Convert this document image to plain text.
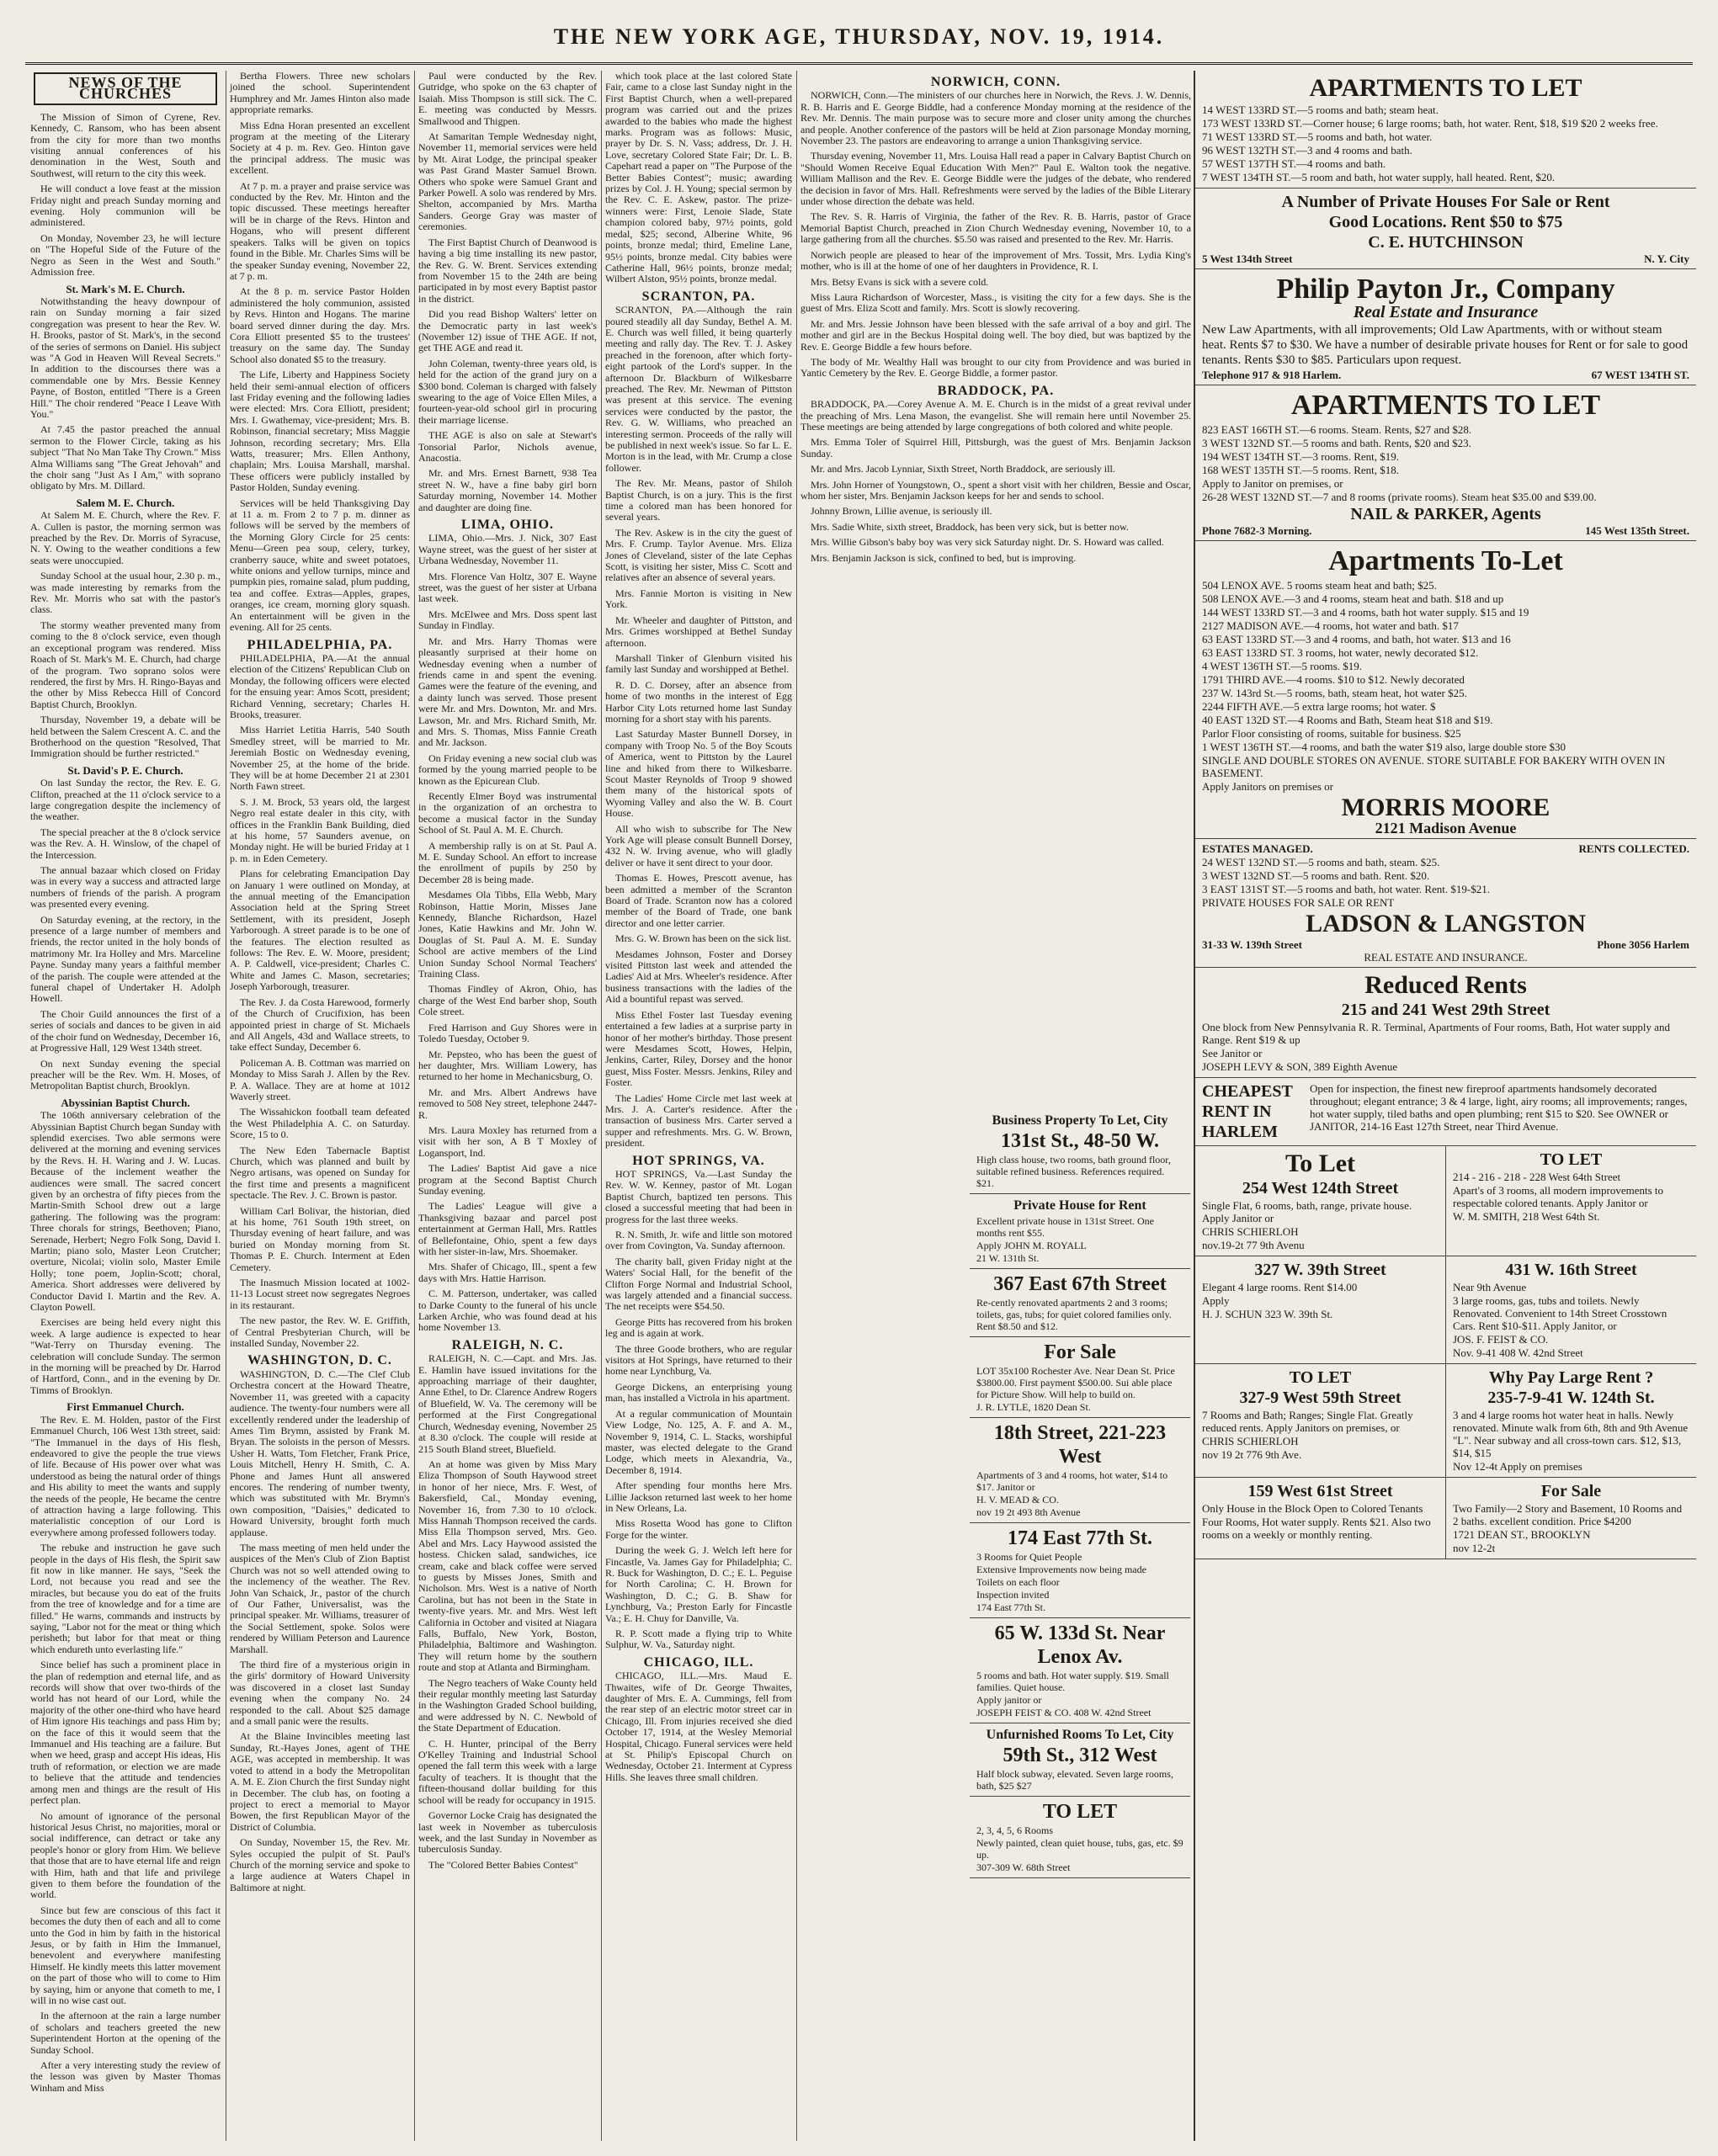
THE NEW YORK AGE, THURSDAY, NOV. 19, 1914.
NEWS OF THE CHURCHES

The Mission of Simon of Cyrene, Rev. Kennedy, C. Ransom, who has been absent from the city for more than two months visiting annual conferences of his denomination in the West, South and Southwest, will return to the city this week.

He will conduct a love feast at the mission Friday night and preach Sunday morning and evening. Holy communion will be administered.

On Monday, November 23, he will lecture on "The Hopeful Side of the Future of the Negro as Seen in the West and South." Admission free.

St. Mark's M. E. Church.

Notwithstanding the heavy downpour of rain on Sunday morning a fair sized congregation was present to hear the Rev. W. H. Brooks, pastor of St. Mark's, in the second of the series of sermons on Daniel. His subject was "A God in Heaven Will Reveal Secrets." In addition to the discourses there was a commendable one by Mrs. Bessie Kenney Payne, of Boston, entitled "There is a Green Hill." The choir rendered "Peace I Leave With You."

At 7.45 the pastor preached the annual sermon to the Flower Circle, taking as his subject "That No Man Take Thy Crown." Miss Alma Williams sang "The Great Jehovah" and the choir sang "Just As I Am," with soprano obligato by Mrs. M. Dillard.

Salem M. E. Church.

At Salem M. E. Church, where the Rev. F. A. Cullen is pastor, the morning sermon was preached by the Rev. Dr. Morris of Syracuse, N. Y. Owing to the weather conditions a few seats were unoccupied.

Sunday School at the usual hour, 2.30 p. m., was made interesting by remarks from the Rev. Mr. Morris who sat with the pastor's class.

The stormy weather prevented many from coming to the 8 o'clock service, even though an exceptional program was rendered. Miss Roach of St. Mark's M. E. Church, had charge of the program. Two soprano solos were rendered, the first by Mrs. H. Ringo-Bayas and the other by Miss Rebecca Hill of Concord Baptist Church, Brooklyn.

Thursday, November 19, a debate will be held between the Salem Crescent A. C. and the Brotherhood on the question "Resolved, That Immigration should be further restricted."

St. David's P. E. Church.

On last Sunday the rector, the Rev. E. G. Clifton, preached at the 11 o'clock service to a large congregation despite the inclemency of the weather.

The special preacher at the 8 o'clock service was the Rev. A. H. Winslow, of the chapel of the Intercession.

The annual bazaar which closed on Friday was in every way a success and attracted large numbers of friends of the parish. A program was presented every evening.

On Saturday evening, at the rectory, in the presence of a large number of members and friends, the rector united in the holy bonds of matrimony Mr. Ira Holley and Mrs. Marceline Payne. Sunday many years a faithful member of the parish. The couple were attended at the funeral chapel of Undertaker H. Adolph Howell.

The Choir Guild announces the first of a series of socials and dances to be given in aid of the choir fund on Wednesday, December 16, at Progressive Hall, 129 West 134th street.

On next Sunday evening the special preacher will be the Rev. Wm. H. Moses, of Metropolitan Baptist church, Brooklyn.

Abyssinian Baptist Church.

The 106th anniversary celebration of the Abyssinian Baptist Church began Sunday with splendid exercises. Two able sermons were delivered at the morning and evening services by the Revs. H. H. Waring and J. W. Lucas. Because of the inclement weather the audiences were small. The sacred concert given by an orchestra of fifty pieces from the Martin-Smith School drew out a large gathering. The following was the program: Three chorals for strings, Beethoven; Piano, Serenade, Herbert; Negro Folk Song, David I. Martin; piano solo, Master Leon Crutcher; overture, Nicolai; violin solo, Master Emile Holly; tone poem, Joplin-Scott; choral, America. Short addresses were delivered by Conductor David I. Martin and the Rev. A. Clayton Powell.

Exercises are being held every night this week. A large audience is expected to hear "Wat-Terry on Thursday evening. The celebration will conclude Sunday. The sermon in the morning will be preached by Dr. Harrod of Hartford, Conn., and in the evening by Dr. Timms of Brooklyn.

First Emmanuel Church.

The Rev. E. M. Holden, pastor of the First Emmanuel Church, 106 West 13th street, said: "The Immanuel in the days of His flesh, endeavored to give the people the true views of life. Because of His power over what was understood as being the natural order of things and His ability to meet the wants and supply the needs of the people, He became the centre of attraction having a large following. This materialistic conception of our Lord is everywhere among professed followers today.

The rebuke and instruction he gave such people in the days of His flesh, the Spirit saw fit now in like manner. He says, "Seek the Lord, not because you read and see the miracles, but because you do eat of the fruits from the tree of knowledge and for a time are filled." He warns, commands and instructs by saying, "Labor not for the meat or thing which perisheth; but labor for that meat or thing which endureth unto everlasting life."

Since belief has such a prominent place in the plan of redemption and eternal life, and as records will show that over two-thirds of the world has not heard of our Lord, while the majority of the other one-third who have heard of Him ignore His teachings and pass Him by; on the face of this it would seem that the Immanuel and His teaching are a failure. But when we heed, grasp and accept His ideas, His truth of reformation, or election we are made to believe that the attitude and tendencies among men and things are the result of His perfect plan.

No amount of ignorance of the personal historical Jesus Christ, no majorities, moral or social indifference, can detract or take any people's honor or glory from Him. We believe that those that are to have eternal life and reign with Him, hath and that life and privilege given to them before the foundation of the world.

Since but few are conscious of this fact it becomes the duty then of each and all to come unto the God in him by faith in the historical Jesus, or by faith in Him the Immanuel, benevolent and everywhere manifesting Himself. He kindly meets this latter movement on the part of those who will to come to Him by saying, him or anyone that cometh to me, I will in no wise cast out.

In the afternoon at the rain a large number of scholars and teachers greeted the new Superintendent Horton at the opening of the Sunday School.

After a very interesting study the review of the lesson was given by Master Thomas Winham and Miss

Bertha Flowers. Three new scholars joined the school. Superintendent Humphrey and Mr. James Hinton also made appropriate remarks.

Miss Edna Horan presented an excellent program at the meeting of the Literary Society at 4 p. m. Rev. Geo. Hinton gave the principal address. The music was excellent.

At 7 p. m. a prayer and praise service was conducted by the Rev. Mr. Hinton and the topic discussed. These meetings hereafter will be in charge of the Revs. Hinton and Hogans, who will present different speakers. Talks will be given on topics found in the Bible. Mr. Charles Sims will be the speaker Sunday evening, November 22, at 7 p. m.

At the 8 p. m. service Pastor Holden administered the holy communion, assisted by Revs. Hinton and Hogans. The marine board served dinner during the day. Mrs. Cora Elliott presented $5 to the trustees' treasury on the same day. The Sunday School also donated $5 to the treasury.

The Life, Liberty and Happiness Society held their semi-annual election of officers last Friday evening and the following ladies were elected: Mrs. Cora Elliott, president; Mrs. I. Gwathemay, vice-president; Mrs. B. Robinson, financial secretary; Miss Maggie Johnson, recording secretary; Mrs. Ella Watts, treasurer; Mrs. Ellen Anthony, chaplain; Mrs. Louisa Marshall, marshal. These officers were publicly installed by Pastor Holden, Sunday evening.

Services will be held Thanksgiving Day at 11 a. m. From 2 to 7 p. m. dinner as follows will be served by the members of the Morning Glory Circle for 25 cents: Menu—Green pea soup, celery, turkey, cranberry sauce, white and sweet potatoes, white onions and yellow turnips, mince and pumpkin pies, romaine salad, plum pudding, tea and coffee. Extras—Apples, grapes, oranges, ice cream, morning glory squash. An entertainment will be given in the evening. All for 25 cents.

PHILADELPHIA, PA.

PHILADELPHIA, PA.—At the annual election of the Citizens' Republican Club on Monday, the following officers were elected for the ensuing year: Amos Scott, president; Richard Venning, secretary; Charles H. Brooks, treasurer.

Miss Harriet Letitia Harris, 540 South Smedley street, will be married to Mr. Jeremiah Bostic on Wednesday evening, November 25, at the home of the bride. They will be at home December 21 at 2301 North Fawn street.

S. J. M. Brock, 53 years old, the largest Negro real estate dealer in this city, with offices in the Franklin Bank Building, died at his home, 57 Saunders avenue, on Monday night. He will be buried Friday at 1 p. m. in Eden Cemetery.

Plans for celebrating Emancipation Day on January 1 were outlined on Monday, at the annual meeting of the Emancipation Association held at the Spring Street Settlement, with its president, Joseph Yarborough. A street parade is to be one of the features. The election resulted as follows: The Rev. E. W. Moore, president; A. P. Caldwell, vice-president; Charles C. White and James C. Mason, secretaries; Joseph Yarborough, treasurer.

The Rev. J. da Costa Harewood, formerly of the Church of Crucifixion, has been appointed priest in charge of St. Michaels and All Angels, 43d and Wallace streets, to take effect Sunday, December 6.

Policeman A. B. Cottman was married on Monday to Miss Sarah J. Allen by the Rev. P. A. Wallace. They are at home at 1012 Waverly street.

The Wissahickon football team defeated the West Philadelphia A. C. on Saturday. Score, 15 to 0.

The New Eden Tabernacle Baptist Church, which was planned and built by Negro artisans, was opened on Sunday for the first time and presents a magnificent spectacle. The Rev. J. C. Brown is pastor.

William Carl Bolivar, the historian, died at his home, 761 South 19th street, on Thursday evening of heart failure, and was buried on Monday morning from St. Thomas P. E. Church. Interment at Eden Cemetery.

The Inasmuch Mission located at 1002-11-13 Locust street now segregates Negroes in its restaurant.

The new pastor, the Rev. W. E. Griffith, of Central Presbyterian Church, will be installed Sunday, November 22.

WASHINGTON, D. C.

WASHINGTON, D. C.—The Clef Club Orchestra concert at the Howard Theatre, November 11, was greeted with a capacity audience. The twenty-four numbers were all excellently rendered under the leadership of Ames Tim Brymn, assisted by Frank M. Bryan. The soloists in the person of Messrs. Usher H. Watts, Tom Fletcher, Frank Price, Louis Mitchell, Henry H. Smith, C. A. Phone and James Hunt all answered encores. The rendering of number twenty, which was substituted with Mr. Brymn's own composition, "Daisies," dedicated to Howard University, brought forth much applause.

The mass meeting of men held under the auspices of the Men's Club of Zion Baptist Church was not so well attended owing to the inclemency of the weather. The Rev. John Van Schaick, Jr., pastor of the church of Our Father, Universalist, was the principal speaker. Mr. Williams, treasurer of the Social Settlement, spoke. Solos were rendered by William Peterson and Laurence Marshall.

The third fire of a mysterious origin in the girls' dormitory of Howard University was discovered in a closet last Sunday evening when the company No. 24 responded to the call. About $25 damage and a small panic were the results.

At the Blaine Invincibles meeting last Sunday, Rt.-Hayes Jones, agent of THE AGE, was accepted in membership. It was voted to attend in a body the Metropolitan A. M. E. Zion Church the first Sunday night in December. The club has, on footing a project to erect a memorial to Mayor Bowen, the first Republican Mayor of the District of Columbia.

On Sunday, November 15, the Rev. Mr. Syles occupied the pulpit of St. Paul's Church of the morning service and spoke to a large audience at Waters Chapel in Baltimore at night.

Paul were conducted by the Rev. Gutridge, who spoke on the 63 chapter of Isaiah. Miss Thompson is still sick. The C. E. meeting was conducted by Messrs. Smallwood and Thigpen.

At Samaritan Temple Wednesday night, November 11, memorial services were held by Mt. Airat Lodge, the principal speaker was Past Grand Master Samuel Brown. Others who spoke were Samuel Grant and Parker Powell. A solo was rendered by Mrs. Shelton, accompanied by Mrs. Martha Sanders. George Gray was master of ceremonies.

The First Baptist Church of Deanwood is having a big time installing its new pastor, the Rev. G. W. Brent. Services extending from November 15 to the 24th are being participated in by most every Baptist pastor in the district.

Did you read Bishop Walters' letter on the Democratic party in last week's (November 12) issue of THE AGE. If not, get THE AGE and read it.

John Coleman, twenty-three years old, is held for the action of the grand jury on a $300 bond. Coleman is charged with falsely swearing to the age of Voice Ellen Miles, a fourteen-year-old school girl in procuring their marriage license.

THE AGE is also on sale at Stewart's Tonsorial Parlor, Nichols avenue, Anacostia.

Mr. and Mrs. Ernest Barnett, 938 Tea street N. W., have a fine baby girl born Saturday morning, November 14. Mother and daughter are doing fine.

LIMA, OHIO.

LIMA, Ohio.—Mrs. J. Nick, 307 East Wayne street, was the guest of her sister at Urbana Wednesday, November 11.

Mrs. Florence Van Holtz, 307 E. Wayne street, was the guest of her sister at Urbana last week.

Mrs. McElwee and Mrs. Doss spent last Sunday in Findlay.

Mr. and Mrs. Harry Thomas were pleasantly surprised at their home on Wednesday evening when a number of friends came in and spent the evening. Games were the feature of the evening, and a dainty lunch was served. Those present were Mr. and Mrs. Downton, Mr. and Mrs. Lawson, Mr. and Mrs. Richard Smith, Mr. and Mrs. S. Thomas, Miss Fannie Creath and Mr. Jackson.

On Friday evening a new social club was formed by the young married people to be known as the Epicurean Club.

Recently Elmer Boyd was instrumental in the organization of an orchestra to become a musical factor in the Sunday School of St. Paul A. M. E. Church.

A membership rally is on at St. Paul A. M. E. Sunday School. An effort to increase the enrollment of pupils by 250 by December 28 is being made.

Mesdames Ola Tibbs, Ella Webb, Mary Robinson, Hattie Morin, Misses Jane Kennedy, Blanche Richardson, Hazel Jones, Katie Hawkins and Mr. John W. Douglas of St. Paul A. M. E. Sunday School are active members of the Lind Union Sunday School Normal Teachers' Training Class.

Thomas Findley of Akron, Ohio, has charge of the West End barber shop, South Cole street.

Fred Harrison and Guy Shores were in Toledo Tuesday, October 9.

Mr. Pepsteo, who has been the guest of her daughter, Mrs. William Lowery, has returned to her home in Mechanicsburg, O.

Mr. and Mrs. Albert Andrews have removed to 508 Ney street, telephone 2447-R.

Mrs. Laura Moxley has returned from a visit with her son, A B T Moxley of Logansport, Ind.

The Ladies' Baptist Aid gave a nice program at the Second Baptist Church Sunday evening.

The Ladies' League will give a Thanksgiving bazaar and parcel post entertainment at German Hall, Mrs. Rattles of Bellefontaine, Ohio, spent a few days with her sister-in-law, Mrs. Shoemaker.

Mrs. Shafer of Chicago, Ill., spent a few days with Mrs. Hattie Harrison.

C. M. Patterson, undertaker, was called to Darke County to the funeral of his uncle Larken Archie, who was found dead at his home November 13.

RALEIGH, N. C.

RALEIGH, N. C.—Capt. and Mrs. Jas. E. Hamlin have issued invitations for the approaching marriage of their daughter, Anne Ethel, to Dr. Clarence Andrew Rogers of Bluefield, W. Va. The ceremony will be performed at the First Congregational Church, Wednesday evening, November 25 at 8.30 o'clock. The couple will reside at 215 South Bland street, Bluefield.

An at home was given by Miss Mary Eliza Thompson of South Haywood street in honor of her niece, Mrs. F. West, of Bakersfield, Cal., Monday evening, November 16, from 7.30 to 10 o'clock. Miss Hannah Thompson received the cards. Miss Ella Thompson served, Mrs. Geo. Abel and Mrs. Lacy Haywood assisted the hostess. Chicken salad, sandwiches, ice cream, cake and black coffee were served to guests by Misses Jones, Smith and Nicholson. Mrs. West is a native of North Carolina, but has not been in the State in twenty-five years. Mr. and Mrs. West left California in October and visited at Niagara Falls, Buffalo, New York, Boston, Philadelphia, Baltimore and Washington. They will return home by the southern route and stop at Atlanta and Birmingham.

The Negro teachers of Wake County held their regular monthly meeting last Saturday in the Washington Graded School building, and were addressed by N. C. Newbold of the State Department of Education.

C. H. Hunter, principal of the Berry O'Kelley Training and Industrial School opened the fall term this week with a large faculty of teachers. It is thought that the fifteen-thousand dollar building for this school will be ready for occupancy in 1915.

Governor Locke Craig has designated the last week in November as tuberculosis week, and the last Sunday in November as tuberculosis Sunday.

The "Colored Better Babies Contest"

which took place at the last colored State Fair, came to a close last Sunday night in the First Baptist Church, when a well-prepared program was carried out and the prizes awarded to the babies who made the highest marks. Program was as follows: Music, prayer by Dr. S. N. Vass; address, Dr. J. H. Love, secretary Colored State Fair; Dr. L. B. Capehart read a paper on "The Purpose of the Better Babies Contest"; music; awarding prizes by Col. J. H. Young; special sermon by the Rev. C. E. Askew, pastor. The prize-winners were: First, Lenoie Slade, State champion colored baby, 97½ points, gold medal, $25; second, Alberine White, 96 points, bronze medal; third, Emeline Lane, 95½ points, bronze medal. City babies were Catherine Hall, 96½ points, bronze medal; Wilbert Alston, 95½ points, bronze medal.

SCRANTON, PA.

SCRANTON, PA.—Although the rain poured steadily all day Sunday, Bethel A. M. E. Church was well filled, it being quarterly meeting and rally day. The Rev. T. J. Askey preached in the forenoon, after which forty-eight partook of the Lord's supper. In the afternoon Dr. Blackburn of Wilkesbarre preached. The Rev. Mr. Newman of Pittston was present at this service. The evening services were conducted by the pastor, the Rev. G. W. Williams, who preached an interesting sermon. Proceeds of the rally will be published in next week's issue. So far L. E. Morton is in the lead, with Mr. Crump a close follower.

The Rev. Mr. Means, pastor of Shiloh Baptist Church, is on a jury. This is the first time a colored man has been honored for several years.

The Rev. Askew is in the city the guest of Mrs. F. Crump. Taylor Avenue. Mrs. Eliza Jones of Cleveland, sister of the late Cephas Scott, is visiting her sister, Miss C. Scott and relatives after an absence of several years.

Mrs. Fannie Morton is visiting in New York.

Mr. Wheeler and daughter of Pittston, and Mrs. Grimes worshipped at Bethel Sunday afternoon.

Marshall Tinker of Glenburn visited his family last Sunday and worshipped at Bethel.

R. D. C. Dorsey, after an absence from home of two months in the interest of Egg Harbor City Lots returned home last Sunday morning for a short stay with his parents.

Last Saturday Master Bunnell Dorsey, in company with Troop No. 5 of the Boy Scouts of America, went to Pittston by the Laurel line and hiked from there to Wilkesbarre. Scout Master Reynolds of Troop 9 showed them many of the historical spots of Wyoming Valley and also the W. B. Court House.

All who wish to subscribe for The New York Age will please consult Bunnell Dorsey, 432 N. W. Irving avenue, who will gladly deliver or have it sent direct to your door.

Thomas E. Howes, Prescott avenue, has been admitted a member of the Scranton Board of Trade. Scranton now has a colored member of the Board of Trade, one bank director and one letter carrier.

Mrs. G. W. Brown has been on the sick list.

Mesdames Johnson, Foster and Dorsey visited Pittston last week and attended the Ladies' Aid at Mrs. Wheeler's residence. After business transactions with the ladies of the Aid a bountiful repast was served.

Miss Ethel Foster last Tuesday evening entertained a few ladies at a surprise party in honor of her mother's birthday. Those present were Mesdames Scott, Howes, Helpin, Jenkins, Carter, Riley, Dorsey and the honor guest, Miss Foster. Messrs. Jenkins, Riley and Foster.

The Ladies' Home Circle met last week at Mrs. J. A. Carter's residence. After the transaction of business Mrs. Carter served a supper and refreshments. Mrs. G. W. Brown, president.

HOT SPRINGS, VA.

HOT SPRINGS, Va.—Last Sunday the Rev. W. W. Kenney, pastor of Mt. Logan Baptist Church, baptized ten persons. This closed a successful meeting that had been in progress for the last three weeks.

R. N. Smith, Jr. wife and little son motored over from Covington, Va. Sunday afternoon.

The charity ball, given Friday night at the Waters' Social Hall, for the benefit of the Clifton Forge Normal and Industrial School, was largely attended and a financial success. The net receipts were $54.50.

George Pitts has recovered from his broken leg and is again at work.

The three Goode brothers, who are regular visitors at Hot Springs, have returned to their home near Lynchburg, Va.

George Dickens, an enterprising young man, has installed a Victrola in his apartment.

At a regular communication of Mountain View Lodge, No. 125, A. F. and A. M., November 9, 1914, C. L. Stacks, worshipful master, was elected delegate to the Grand Lodge, which meets in Alexandria, Va., December 8, 1914.

After spending four months here Mrs. Lillie Jackson returned last week to her home in New Orleans, La.

Miss Rosetta Wood has gone to Clifton Forge for the winter.

During the week G. J. Welch left here for Fincastle, Va. James Gay for Philadelphia; C. R. Buck for Washington, D. C.; E. L. Peguise for North Carolina; C. H. Brown for Washington, D. C.; G. B. Shaw for Lynchburg, Va.; Preston Early for Fincastle Va.; E. H. Chuy for Danville, Va.

R. P. Scott made a flying trip to White Sulphur, W. Va., Saturday night.

CHICAGO, ILL.

CHICAGO, ILL.—Mrs. Maud E. Thwaites, wife of Dr. George Thwaites, daughter of Mrs. E. A. Cummings, fell from the rear step of an electric motor street car in Chicago, Ill. From injuries received she died October 17, 1914, at the Wesley Memorial Hospital, Chicago. Funeral services were held at St. Philip's Episcopal Church on Wednesday, October 21. Interment at Cypress Hills. She leaves three small children.

NORWICH, CONN.

NORWICH, Conn.—The ministers of our churches here in Norwich, the Revs. J. W. Dennis, R. B. Harris and E. George Biddle, had a conference Monday morning at the residence of the Rev. Mr. Dennis. The main purpose was to secure more and closer unity among the churches and people. Another conference of the pastors will be held at Zion parsonage Monday morning, November 23. The pastors are endeavoring to arrange a union Thanksgiving service.

Thursday evening, November 11, Mrs. Louisa Hall read a paper in Calvary Baptist Church on "Should Women Receive Equal Education With Men?" Paul E. Walton took the negative. William Mallison and the Rev. E. George Biddle were the judges of the debate, who rendered the decision in favor of Mrs. Hall. Refreshments were served by the ladies of the Bible Literary under whose direction the debate was held.

The Rev. S. R. Harris of Virginia, the father of the Rev. R. B. Harris, pastor of Grace Memorial Baptist Church, preached in Zion Church Wednesday evening, November 10, to a large gathering from all the churches. $5.50 was raised and presented to the Rev. Mr. Harris.

Norwich people are pleased to hear of the improvement of Mrs. Tossit, Mrs. Lydia King's mother, who is ill at the home of one of her daughters in Providence, R. I.

Mrs. Betsy Evans is sick with a severe cold.

Miss Laura Richardson of Worcester, Mass., is visiting the city for a few days. She is the guest of Mrs. Eliza Scott and family. Mrs. Scott is slowly recovering.

Mr. and Mrs. Jessie Johnson have been blessed with the safe arrival of a boy and girl. The mother and girl are in the Beckus Hospital doing well. The boy died, but was baptized by the Rev. E. George Biddle a few hours before.

The body of Mr. Wealthy Hall was brought to our city from Providence and was buried in Yantic Cemetery by the Rev. E. George Biddle, a former pastor.

BRADDOCK, PA.

BRADDOCK, PA.—Corey Avenue A. M. E. Church is in the midst of a great revival under the preaching of Mrs. Lena Mason, the evangelist. She will remain here until November 25. These meetings are being attended by large congregations of both colored and white people.

Mrs. Emma Toler of Squirrel Hill, Pittsburgh, was the guest of Mrs. Benjamin Jackson Sunday.

Mr. and Mrs. Jacob Lynniar, Sixth Street, North Braddock, are seriously ill.

Mrs. John Horner of Youngstown, O., spent a short visit with her children, Bessie and Oscar, whom her sister, Mrs. Benjamin Jackson keeps for her and sends to school.

Johnny Brown, Lillie avenue, is seriously ill.

Mrs. Sadie White, sixth street, Braddock, has been very sick, but is better now.

Mrs. Willie Gibson's baby boy was very sick Saturday night. Dr. S. Howard was called.

Mrs. Benjamin Jackson is sick, confined to bed, but is improving.

Business Property To Let, City
131st St., 48-50 W.
High class house, two rooms, bath ground floor, suitable refined business. References required. $21.
Private House for Rent
Excellent private house in 131st Street. One months rent $55.
Apply JOHN M. ROYALL
21 W. 131th St.
367 East 67th Street
Re-cently renovated apartments 2 and 3 rooms; toilets, gas, tubs; for quiet colored families only. Rent $8.50 and $12.
For Sale
LOT 35x100 Rochester Ave. Near Dean St. Price $3800.00. First payment $500.00. Sui able place for Picture Show. Will help to build on.
J. R. LYTLE, 1820 Dean St.
18th Street, 221-223 West
Apartments of 3 and 4 rooms, hot water, $14 to $17. Janitor or
H. V. MEAD & CO.
nov 19 2t 493 8th Avenue
174 East 77th St.
3 Rooms for Quiet People
Extensive Improvements now being made
Toilets on each floor
Inspection invited
174 East 77th St.
65 W. 133d St. Near Lenox Av.
5 rooms and bath. Hot water supply. $19. Small families. Quiet house.
Apply janitor or
JOSEPH FEIST & CO. 408 W. 42nd Street
Unfurnished Rooms To Let, City
59th St., 312 West
Half block subway, elevated. Seven large rooms, bath, $25 $27
TO LET
2, 3, 4, 5, 6 Rooms
Newly painted, clean quiet house, tubs, gas, etc. $9 up.
307-309 W. 68th Street
APARTMENTS TO LET
14 WEST 133RD ST.—5 rooms and bath; steam heat.
173 WEST 133RD ST.—Corner house; 6 large rooms; bath, hot water. Rent, $18, $19 $20 2 weeks free.
71 WEST 133RD ST.—5 rooms and bath, hot water.
96 WEST 132TH ST.—3 and 4 rooms and bath.
57 WEST 137TH ST.—4 rooms and bath.
7 WEST 134TH ST.—5 room and bath, hot water supply, hall heated. Rent, $20.
A Number of Private Houses For Sale or Rent
Good Locations. Rent $50 to $75
C. E. HUTCHINSON
5 West 134th Street	N. Y. City
Philip Payton Jr., Company
Real Estate and Insurance
New Law Apartments, with all improvements; Old Law Apartments, with or without steam heat. Rents $7 to $30. We have a number of desirable private houses for Rent or for sale to good tenants. Rents $30 to $85. Particulars upon request.
Telephone 917 & 918 Harlem.	67 WEST 134TH ST.
APARTMENTS TO LET
823 EAST 166TH ST.—6 rooms. Steam. Rents, $27 and $28.
3 WEST 132ND ST.—5 rooms and bath. Rents, $20 and $23.
194 WEST 134TH ST.—3 rooms. Rent, $19.
168 WEST 135TH ST.—5 rooms. Rent, $18.
Apply to Janitor on premises, or
26-28 WEST 132ND ST.—7 and 8 rooms (private rooms). Steam heat $35.00 and $39.00.
NAIL & PARKER, Agents
Phone 7682-3 Morning.	145 West 135th Street.
Apartments To-Let
504 LENOX AVE. 5 rooms steam heat and bath; $25.
508 LENOX AVE.—3 and 4 rooms, steam heat and bath. $18 and up
144 WEST 133RD ST.—3 and 4 rooms, bath hot water supply. $15 and 19
2127 MADISON AVE.—4 rooms, hot water and bath. $17
63 EAST 133RD ST.—3 and 4 rooms, and bath, hot water. $13 and 16
63 EAST 133RD ST. 3 rooms, hot water, newly decorated $12.
4 WEST 136TH ST.—5 rooms. $19.
1791 THIRD AVE.—4 rooms. $10 to $12. Newly decorated
237 W. 143rd St.—5 rooms, bath, steam heat, hot water $25.
2244 FIFTH AVE.—5 extra large rooms; hot water. $
40 EAST 132D ST.—4 Rooms and Bath, Steam heat $18 and $19.
Parlor Floor consisting of rooms, suitable for business. $25
1 WEST 136TH ST.—4 rooms, and bath the water $19 also, large double store $30
SINGLE AND DOUBLE STORES ON AVENUE. STORE SUITABLE FOR BAKERY WITH OVEN IN BASEMENT.
Apply Janitors on premises or
MORRIS MOORE
2121 Madison Avenue
ESTATES MANAGED.	RENTS COLLECTED.
24 WEST 132ND ST.—5 rooms and bath, steam. $25.
3 WEST 132ND ST.—5 rooms and bath. Rent. $20.
3 EAST 131ST ST.—5 rooms and bath, hot water. Rent. $19-$21.
PRIVATE HOUSES FOR SALE OR RENT
LADSON & LANGSTON
31-33 W. 139th Street	Phone 3056 Harlem
REAL ESTATE AND INSURANCE.
Reduced Rents
215 and 241 West 29th Street
One block from New Pennsylvania R. R. Terminal, Apartments of Four rooms, Bath, Hot water supply and Range. Rent $19 & up
See Janitor or
JOSEPH LEVY & SON, 389 Eighth Avenue
CHEAPEST RENT IN HARLEM
Open for inspection, the finest new fireproof apartments handsomely decorated throughout; elegant entrance; 3 & 4 large, light, airy rooms; all improvements; ranges, hot water supply, tiled baths and open plumbing; rent $15 to $20. See OWNER or JANITOR, 214-16 East 127th Street, near Third Avenue.
To Let
254 West 124th Street
Single Flat, 6 rooms, bath, range, private house. Apply Janitor or
CHRIS SCHIERLOH
nov.19-2t 77 9th Avenu
TO LET
214 - 216 - 218 - 228 West 64th Street
Apart's of 3 rooms, all modern improvements to respectable colored tenants. Apply Janitor or
W. M. SMITH, 218 West 64th St.
327 W. 39th Street
Elegant 4 large rooms. Rent $14.00
Apply
H. J. SCHUN 323 W. 39th St.
431 W. 16th Street
Near 9th Avenue
3 large rooms, gas, tubs and toilets. Newly Renovated. Convenient to 14th Street Crosstown Cars. Rent $10-$11. Apply Janitor, or
JOS. F. FEIST & CO.
Nov. 9-41 408 W. 42nd Street
TO LET
327-9 West 59th Street
7 Rooms and Bath; Ranges; Single Flat. Greatly reduced rents. Apply Janitors on premises, or
CHRIS SCHIERLOH
nov 19 2t 776 9th Ave.
Why Pay Large Rent ?
235-7-9-41 W. 124th St.
3 and 4 large rooms hot water heat in halls. Newly renovated. Minute walk from 6th, 8th and 9th Avenue "L". Near subway and all cross-town cars. $12, $13, $14, $15
Nov 12-4t Apply on premises
159 West 61st Street
Only House in the Block Open to Colored Tenants
Four Rooms, Hot water supply. Rents $21. Also two rooms on a weekly or monthly renting.
For Sale
Two Family—2 Story and Basement, 10 Rooms and 2 baths. excellent condition. Price $4200
1721 DEAN ST., BROOKLYN
nov 12-2t
